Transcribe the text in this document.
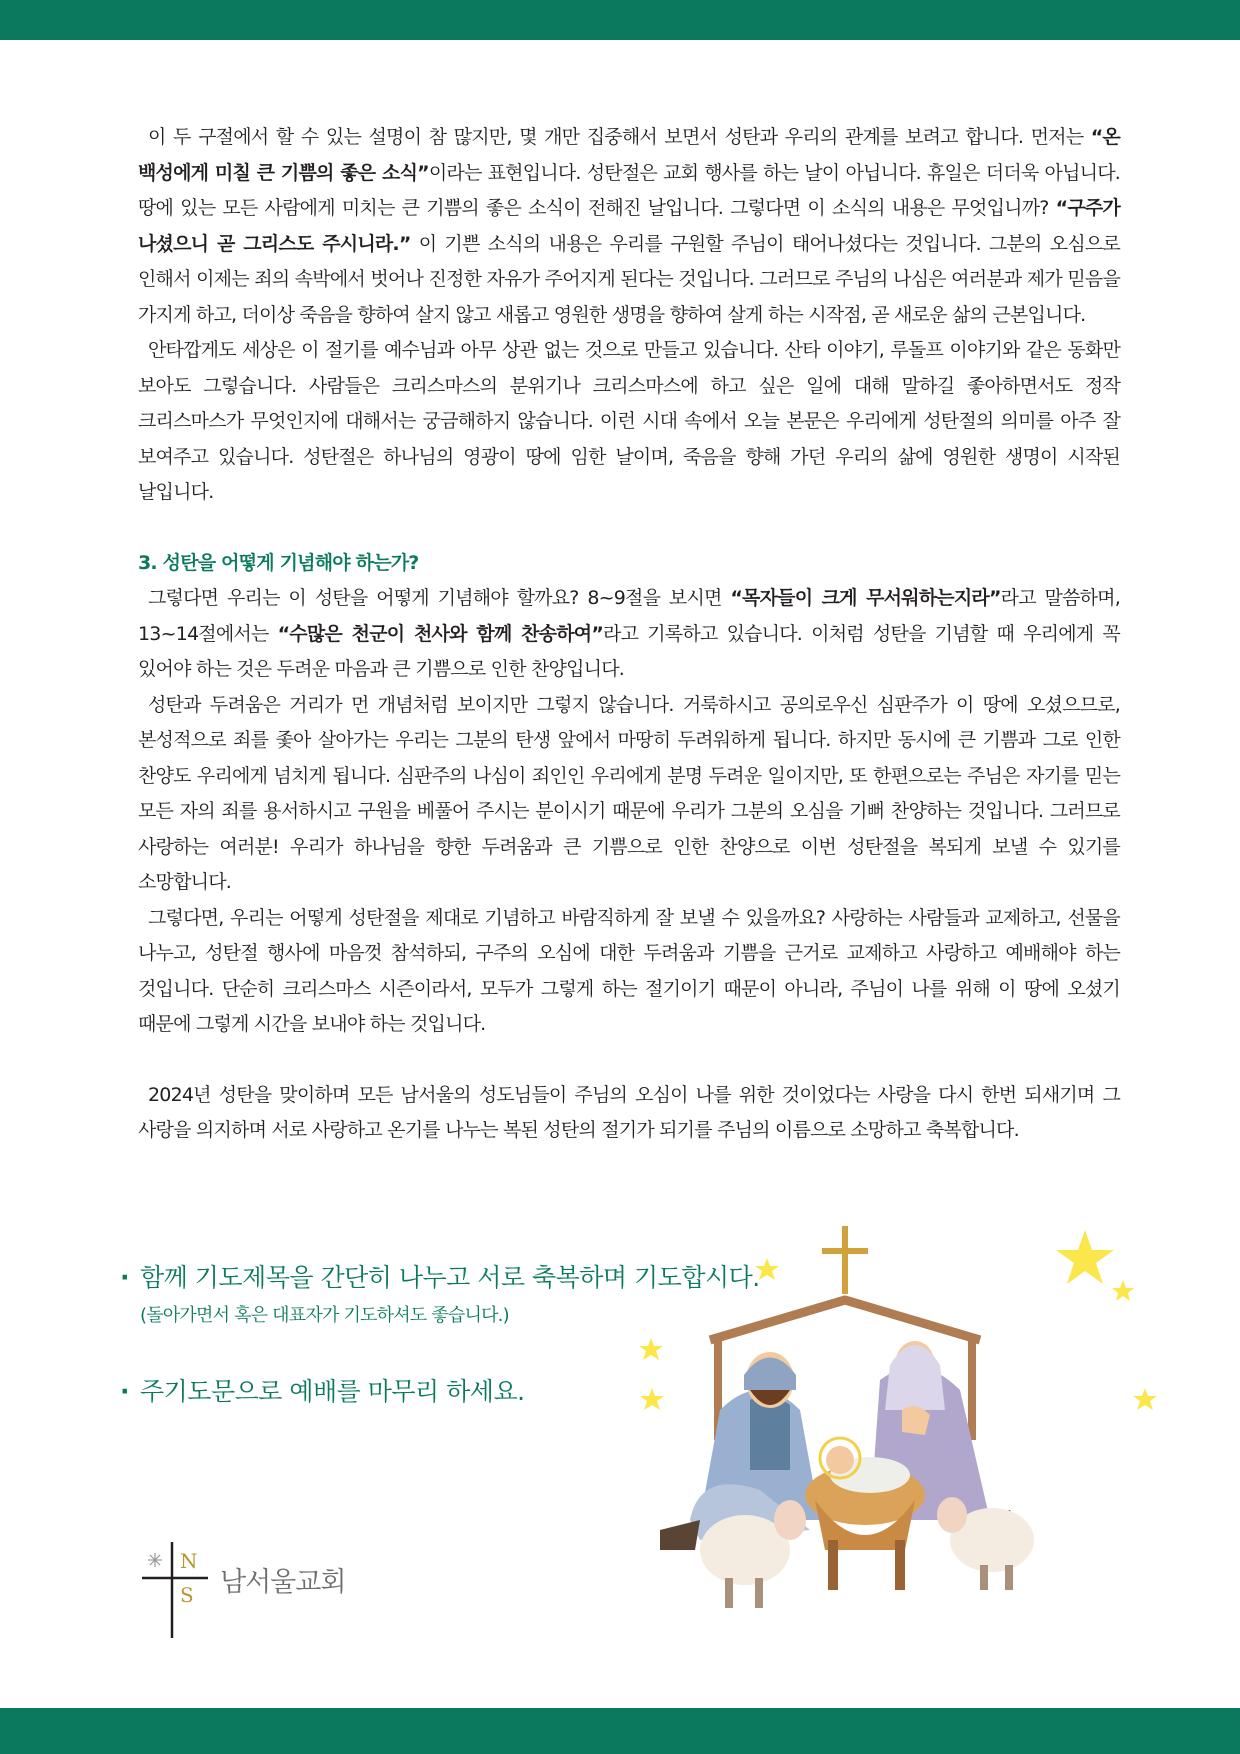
이 두 구절에서 할 수 있는 설명이 참 많지만, 몇 개만 집중해서 보면서 성탄과 우리의 관계를 보려고 합니다. 먼저는 “온 백성에게 미칠 큰 기쁨의 좋은 소식”이라는 표현입니다. 성탄절은 교회 행사를 하는 날이 아닙니다. 휴일은 더더욱 아닙니다. 땅에 있는 모든 사람에게 미치는 큰 기쁨의 좋은 소식이 전해진 날입니다. 그렇다면 이 소식의 내용은 무엇입니까? “구주가 나셨으니 곧 그리스도 주시니라.” 이 기쁜 소식의 내용은 우리를 구원할 주님이 태어나셨다는 것입니다. 그분의 오심으로 인해서 이제는 죄의 속박에서 벗어나 진정한 자유가 주어지게 된다는 것입니다. 그러므로 주님의 나심은 여러분과 제가 믿음을 가지게 하고, 더이상 죽음을 향하여 살지 않고 새롭고 영원한 생명을 향하여 살게 하는 시작점, 곧 새로운 삶의 근본입니다.

안타깝게도 세상은 이 절기를 예수님과 아무 상관 없는 것으로 만들고 있습니다. 산타 이야기, 루돌프 이야기와 같은 동화만 보아도 그렇습니다. 사람들은 크리스마스의 분위기나 크리스마스에 하고 싶은 일에 대해 말하길 좋아하면서도 정작 크리스마스가 무엇인지에 대해서는 궁금해하지 않습니다. 이런 시대 속에서 오늘 본문은 우리에게 성탄절의 의미를 아주 잘 보여주고 있습니다. 성탄절은 하나님의 영광이 땅에 임한 날이며, 죽음을 향해 가던 우리의 삶에 영원한 생명이 시작된 날입니다.

3. 성탄을 어떻게 기념해야 하는가?

그렇다면 우리는 이 성탄을 어떻게 기념해야 할까요? 8~9절을 보시면 “목자들이 크게 무서워하는지라”라고 말씀하며, 13~14절에서는 “수많은 천군이 천사와 함께 찬송하여”라고 기록하고 있습니다. 이처럼 성탄을 기념할 때 우리에게 꼭 있어야 하는 것은 두려운 마음과 큰 기쁨으로 인한 찬양입니다.

성탄과 두려움은 거리가 먼 개념처럼 보이지만 그렇지 않습니다. 거룩하시고 공의로우신 심판주가 이 땅에 오셨으므로, 본성적으로 죄를 좇아 살아가는 우리는 그분의 탄생 앞에서 마땅히 두려워하게 됩니다. 하지만 동시에 큰 기쁨과 그로 인한 찬양도 우리에게 넘치게 됩니다. 심판주의 나심이 죄인인 우리에게 분명 두려운 일이지만, 또 한편으로는 주님은 자기를 믿는 모든 자의 죄를 용서하시고 구원을 베풀어 주시는 분이시기 때문에 우리가 그분의 오심을 기뻐 찬양하는 것입니다. 그러므로 사랑하는 여러분! 우리가 하나님을 향한 두려움과 큰 기쁨으로 인한 찬양으로 이번 성탄절을 복되게 보낼 수 있기를 소망합니다.

그렇다면, 우리는 어떻게 성탄절을 제대로 기념하고 바람직하게 잘 보낼 수 있을까요? 사랑하는 사람들과 교제하고, 선물을 나누고, 성탄절 행사에 마음껏 참석하되, 구주의 오심에 대한 두려움과 기쁨을 근거로 교제하고 사랑하고 예배해야 하는 것입니다. 단순히 크리스마스 시즌이라서, 모두가 그렇게 하는 절기이기 때문이 아니라, 주님이 나를 위해 이 땅에 오셨기 때문에 그렇게 시간을 보내야 하는 것입니다.

2024년 성탄을 맞이하며 모든 남서울의 성도님들이 주님의 오심이 나를 위한 것이었다는 사랑을 다시 한번 되새기며 그 사랑을 의지하며 서로 사랑하고 온기를 나누는 복된 성탄의 절기가 되기를 주님의 이름으로 소망하고 축복합니다.

· 함께 기도제목을 간단히 나누고 서로 축복하며 기도합시다.
(돌아가면서 혹은 대표자가 기도하셔도 좋습니다.)
· 주기도문으로 예배를 마무리 하세요.
N
S 남서울교회
